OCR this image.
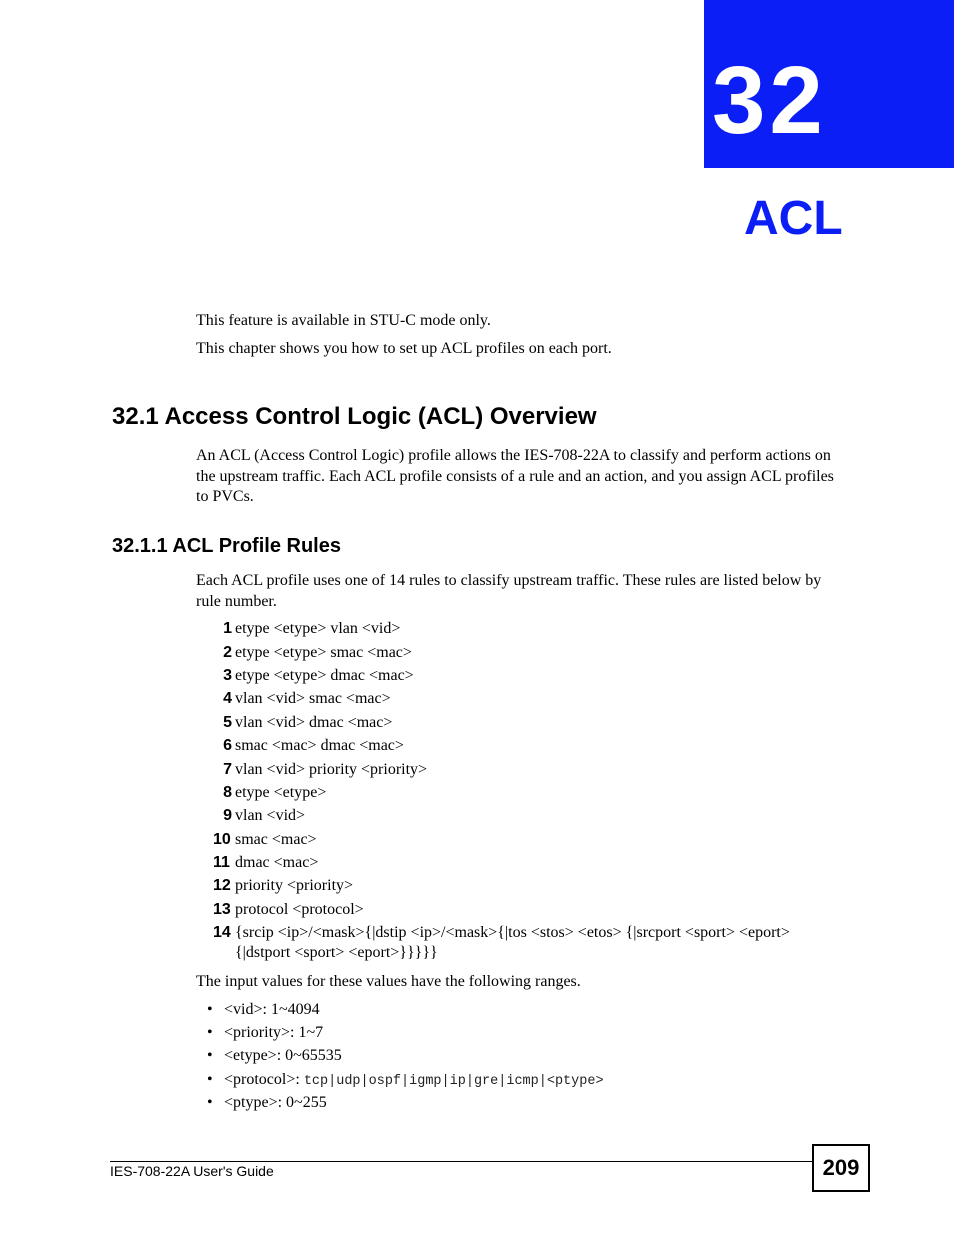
32
ACL

This feature is available in STU-C mode only.

This chapter shows you how to set up ACL profiles on each port.

32.1 Access Control Logic (ACL) Overview

An ACL (Access Control Logic) profile allows the IES-708-22A to classify and perform actions on the upstream traffic. Each ACL profile consists of a rule and an action, and you assign ACL profiles to PVCs.

32.1.1 ACL Profile Rules

Each ACL profile uses one of 14 rules to classify upstream traffic. These rules are listed below by rule number.

1 etype <etype> vlan <vid>
2 etype <etype> smac <mac>
3 etype <etype> dmac <mac>
4 vlan <vid> smac <mac>
5 vlan <vid> dmac <mac>
6 smac <mac> dmac <mac>
7 vlan <vid> priority <priority>
8 etype <etype>
9 vlan <vid>
10 smac <mac>
11 dmac <mac>
12 priority <priority>
13 protocol <protocol>
14 {srcip <ip>/<mask>{|dstip <ip>/<mask>{|tos <stos> <etos> {|srcport <sport> <eport> {|dstport <sport> <eport>}}}}}

The input values for these values have the following ranges.

• <vid>: 1~4094
• <priority>: 1~7
• <etype>: 0~65535
• <protocol>: tcp|udp|ospf|igmp|ip|gre|icmp|<ptype>
• <ptype>: 0~255
IES-708-22A User's Guide	209
